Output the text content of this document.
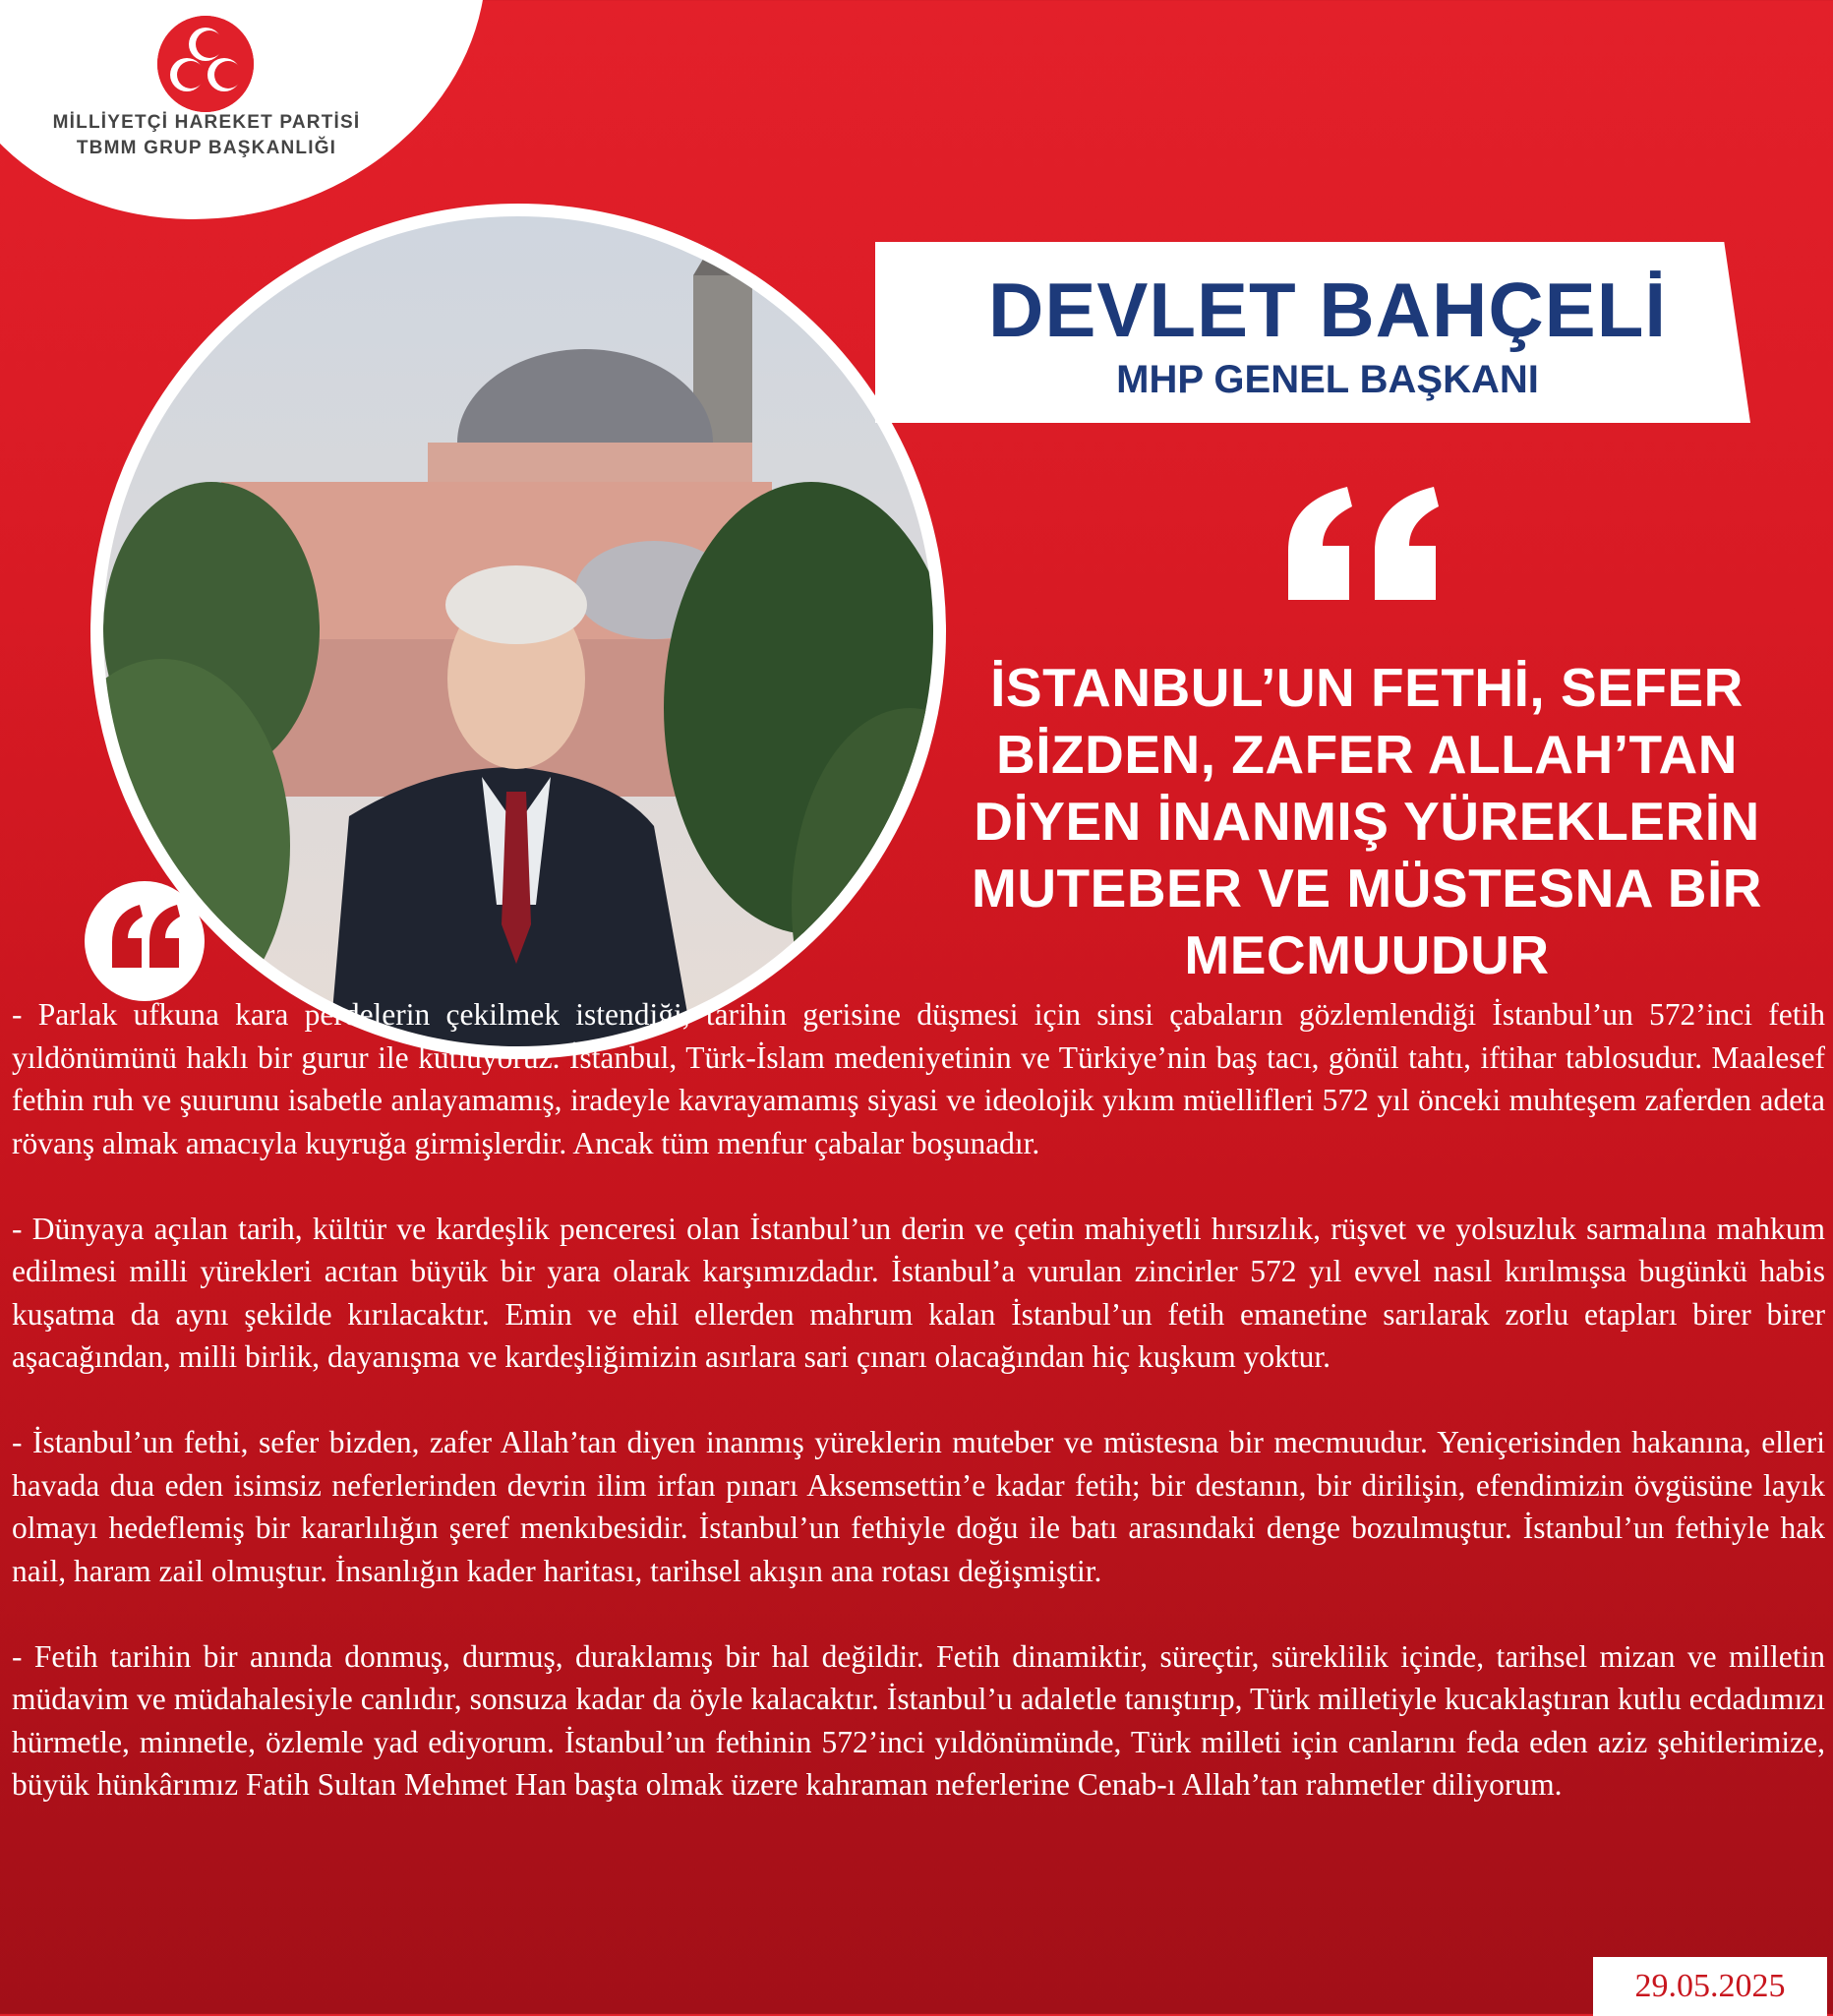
MİLLİYETÇİ HAREKET PARTİSİ
TBMM GRUP BAŞKANLIĞI
DEVLET BAHÇELİ
MHP GENEL BAŞKANI
İSTANBUL’UN FETHİ, SEFER BİZDEN, ZAFER ALLAH’TAN DİYEN İNANMIŞ YÜREKLERİN MUTEBER VE MÜSTESNA BİR MECMUUDUR

- Parlak ufkuna kara perdelerin çekilmek istendiği, tarihin gerisine düşmesi için sinsi çabaların gözlemlendiği İstanbul’un 572’inci fetih yıldönümünü haklı bir gurur ile kutluyoruz. İstanbul, Türk-İslam medeniyetinin ve Türkiye’nin baş tacı, gönül tahtı, iftihar tablosudur. Maalesef fethin ruh ve şuurunu isabetle anlayamamış, iradeyle kavrayamamış siyasi ve ideolojik yıkım müellifleri 572 yıl önceki muhteşem zaferden adeta rövanş almak amacıyla kuyruğa girmişlerdir. Ancak tüm menfur çabalar boşunadır.

- Dünyaya açılan tarih, kültür ve kardeşlik penceresi olan İstanbul’un derin ve çetin mahiyetli hırsızlık, rüşvet ve yolsuzluk sarmalına mahkum edilmesi milli yürekleri acıtan büyük bir yara olarak karşımızdadır. İstanbul’a vurulan zincirler 572 yıl evvel nasıl kırılmışsa bugünkü habis kuşatma da aynı şekilde kırılacaktır. Emin ve ehil ellerden mahrum kalan İstanbul’un fetih emanetine sarılarak zorlu etapları birer birer aşacağından, milli birlik, dayanışma ve kardeşliğimizin asırlara sari çınarı olacağından hiç kuşkum yoktur.

- İstanbul’un fethi, sefer bizden, zafer Allah’tan diyen inanmış yüreklerin muteber ve müstesna bir mecmuudur. Yeniçerisinden hakanına, elleri havada dua eden isimsiz neferlerinden devrin ilim irfan pınarı Aksemsettin’e kadar fetih; bir destanın, bir dirilişin, efendimizin övgüsüne layık olmayı hedeflemiş bir kararlılığın şeref menkıbesidir. İstanbul’un fethiyle doğu ile batı arasındaki denge bozulmuştur. İstanbul’un fethiyle hak nail, haram zail olmuştur. İnsanlığın kader haritası, tarihsel akışın ana rotası değişmiştir.

- Fetih tarihin bir anında donmuş, durmuş, duraklamış bir hal değildir. Fetih dinamiktir, süreçtir, süreklilik içinde, tarihsel mizan ve milletin müdavim ve müdahalesiyle canlıdır, sonsuza kadar da öyle kalacaktır. İstanbul’u adaletle tanıştırıp, Türk milletiyle kucaklaştıran kutlu ecdadımızı hürmetle, minnetle, özlemle yad ediyorum. İstanbul’un fethinin 572’inci yıldönümünde, Türk milleti için canlarını feda eden aziz şehitlerimize, büyük hünkârımız Fatih Sultan Mehmet Han başta olmak üzere kahraman neferlerine Cenab-ı Allah’tan rahmetler diliyorum.

29.05.2025
